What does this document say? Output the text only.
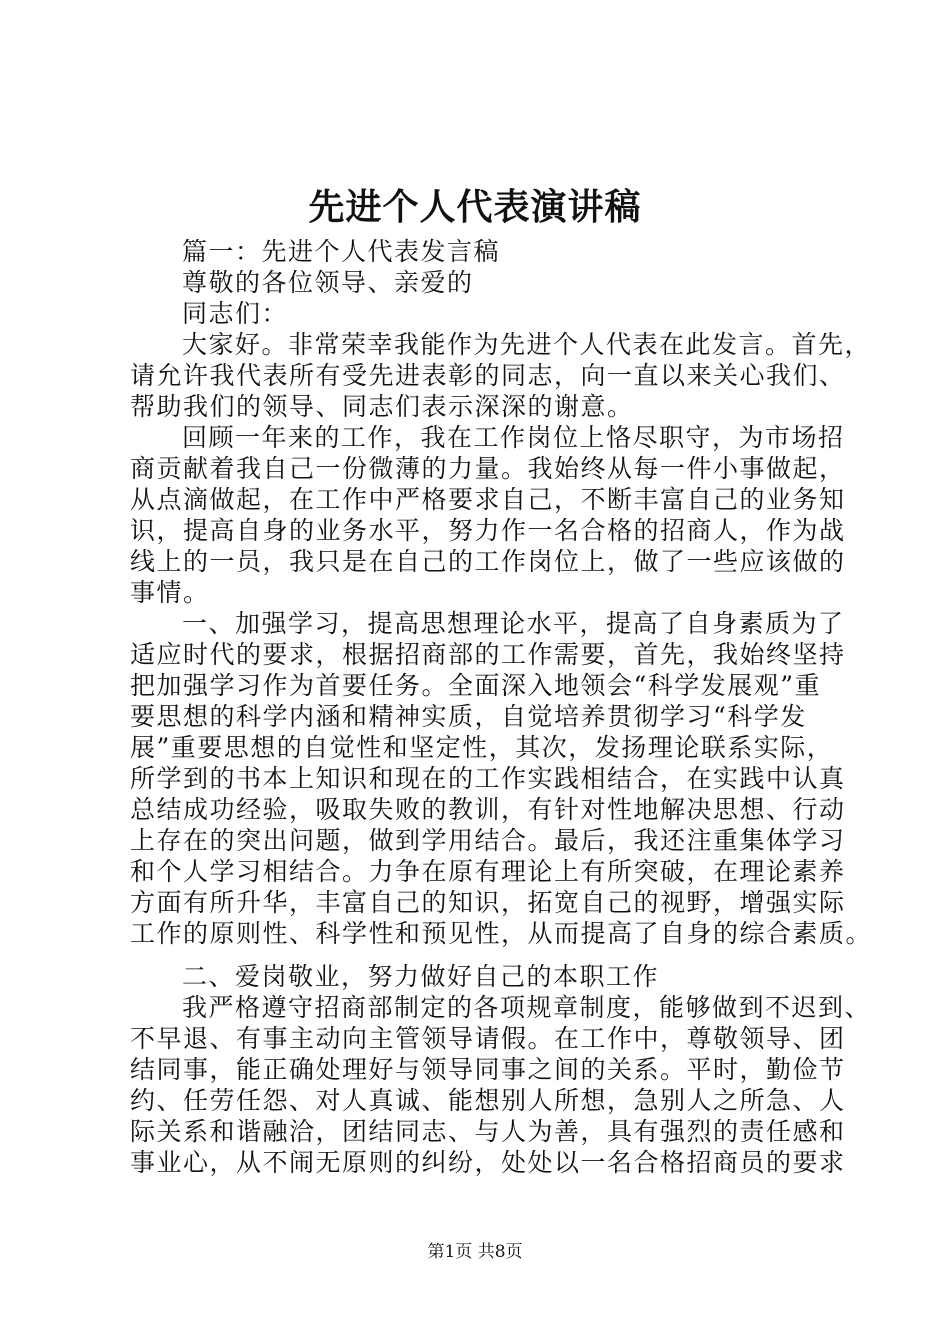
先进个人代表演讲稿
篇一：先进个人代表发言稿
尊敬的各位领导、亲爱的
同志们：
大家好。非常荣幸我能作为先进个人代表在此发言。首先，
请允许我代表所有受先进表彰的同志，向一直以来关心我们、
帮助我们的领导、同志们表示深深的谢意。
回顾一年来的工作，我在工作岗位上恪尽职守，为市场招
商贡献着我自己一份微薄的力量。我始终从每一件小事做起，
从点滴做起，在工作中严格要求自己，不断丰富自己的业务知
识，提高自身的业务水平，努力作一名合格的招商人，作为战
线上的一员，我只是在自己的工作岗位上，做了一些应该做的
事情。
一、加强学习，提高思想理论水平，提高了自身素质为了
适应时代的要求，根据招商部的工作需要，首先，我始终坚持
把加强学习作为首要任务。全面深入地领会“科学发展观”重
要思想的科学内涵和精神实质，自觉培养贯彻学习“科学发
展”重要思想的自觉性和坚定性，其次，发扬理论联系实际，
所学到的书本上知识和现在的工作实践相结合，在实践中认真
总结成功经验，吸取失败的教训，有针对性地解决思想、行动
上存在的突出问题，做到学用结合。最后，我还注重集体学习
和个人学习相结合。力争在原有理论上有所突破，在理论素养
方面有所升华，丰富自己的知识，拓宽自己的视野，增强实际
工作的原则性、科学性和预见性，从而提高了自身的综合素质。
二、爱岗敬业，努力做好自己的本职工作
我严格遵守招商部制定的各项规章制度，能够做到不迟到、
不早退、有事主动向主管领导请假。在工作中，尊敬领导、团
结同事，能正确处理好与领导同事之间的关系。平时，勤俭节
约、任劳任怨、对人真诚、能想别人所想，急别人之所急、人
际关系和谐融洽，团结同志、与人为善，具有强烈的责任感和
事业心，从不闹无原则的纠纷，处处以一名合格招商员的要求
第1页 共8页
